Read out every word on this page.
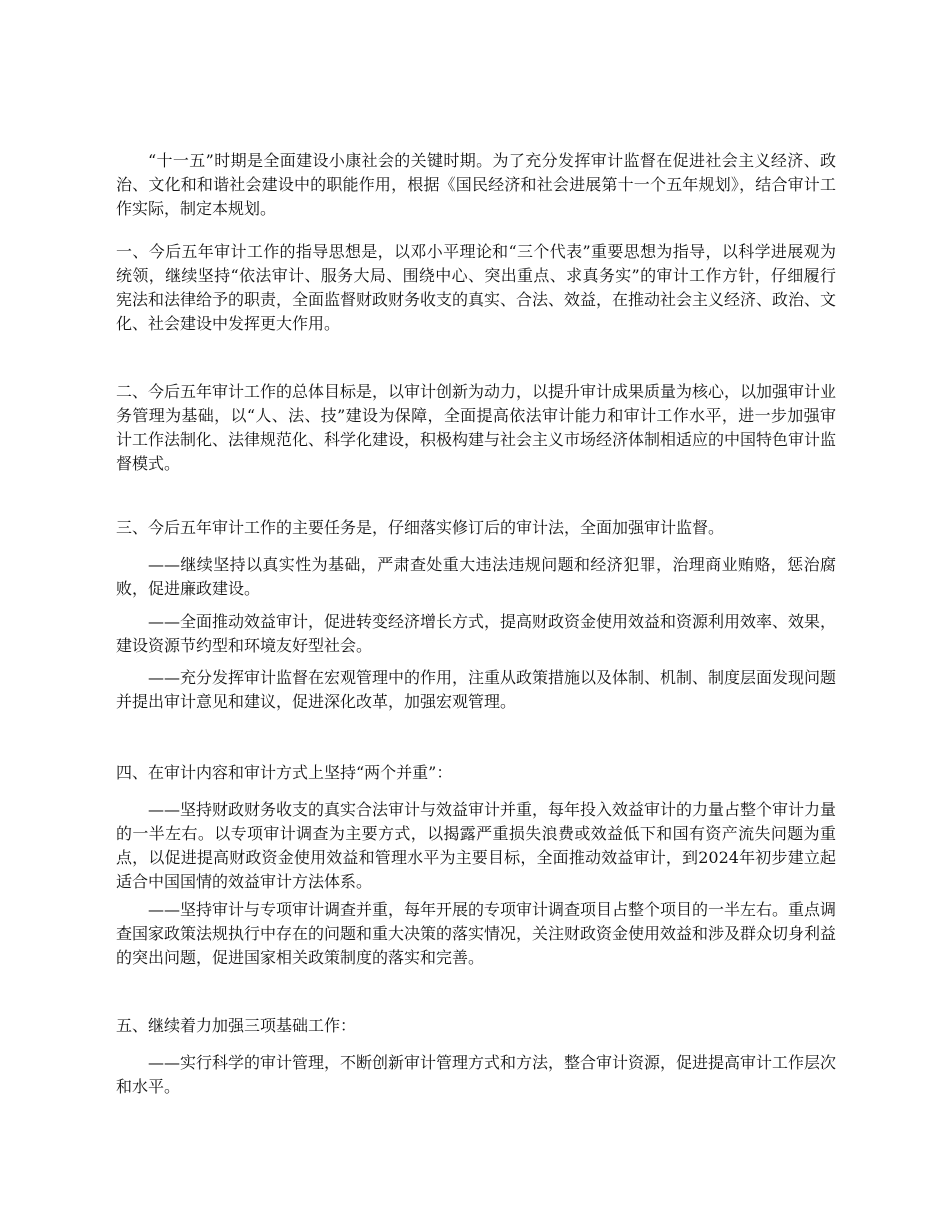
“十一五”时期是全面建设小康社会的关键时期。为了充分发挥审计监督在促进社会主义经济、政治、文化和和谐社会建设中的职能作用，根据《国民经济和社会进展第十一个五年规划》，结合审计工作实际，制定本规划。

一、今后五年审计工作的指导思想是，以邓小平理论和“三个代表”重要思想为指导，以科学进展观为统领，继续坚持“依法审计、服务大局、围绕中心、突出重点、求真务实”的审计工作方针，仔细履行宪法和法律给予的职责，全面监督财政财务收支的真实、合法、效益，在推动社会主义经济、政治、文化、社会建设中发挥更大作用。

二、今后五年审计工作的总体目标是，以审计创新为动力，以提升审计成果质量为核心，以加强审计业务管理为基础，以“人、法、技”建设为保障，全面提高依法审计能力和审计工作水平，进一步加强审计工作法制化、法律规范化、科学化建设，积极构建与社会主义市场经济体制相适应的中国特色审计监督模式。

三、今后五年审计工作的主要任务是，仔细落实修订后的审计法，全面加强审计监督。

——继续坚持以真实性为基础，严肃查处重大违法违规问题和经济犯罪，治理商业贿赂，惩治腐败，促进廉政建设。

——全面推动效益审计，促进转变经济增长方式，提高财政资金使用效益和资源利用效率、效果，建设资源节约型和环境友好型社会。

——充分发挥审计监督在宏观管理中的作用，注重从政策措施以及体制、机制、制度层面发现问题并提出审计意见和建议，促进深化改革，加强宏观管理。

四、在审计内容和审计方式上坚持“两个并重”：

——坚持财政财务收支的真实合法审计与效益审计并重，每年投入效益审计的力量占整个审计力量的一半左右。以专项审计调查为主要方式，以揭露严重损失浪费或效益低下和国有资产流失问题为重点，以促进提高财政资金使用效益和管理水平为主要目标，全面推动效益审计，到2024年初步建立起适合中国国情的效益审计方法体系。

——坚持审计与专项审计调查并重，每年开展的专项审计调查项目占整个项目的一半左右。重点调查国家政策法规执行中存在的问题和重大决策的落实情况，关注财政资金使用效益和涉及群众切身利益的突出问题，促进国家相关政策制度的落实和完善。

五、继续着力加强三项基础工作：

——实行科学的审计管理，不断创新审计管理方式和方法，整合审计资源，促进提高审计工作层次和水平。
